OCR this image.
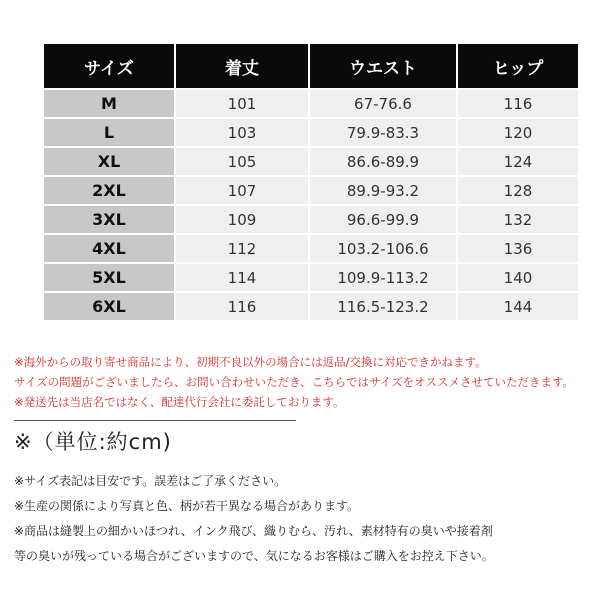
サイズ	着丈	ウエスト	ヒップ
M	101	67-76.6	116
L	103	79.9-83.3	120
XL	105	86.6-89.9	124
2XL	107	89.9-93.2	128
3XL	109	96.6-99.9	132
4XL	112	103.2-106.6	136
5XL	114	109.9-113.2	140
6XL	116	116.5-123.2	144
※海外からの取り寄せ商品により、初期不良以外の場合には返品/交換に対応できかねます。
サイズの問題がございましたら、お問い合わせいただき、こちらではサイズをオススメさせていただきます。
※発送先は当店名ではなく、配達代行会社に委託しております。
※（単位:約cm)
※サイズ表記は目安です。誤差はご了承ください。
※生産の関係により写真と色、柄が若干異なる場合があります。
※商品は縫製上の細かいほつれ、インク飛び、織りむら、汚れ、素材特有の臭いや接着剤
等の臭いが残っている場合がございますので、気になるお客様はご購入をお控え下さい。
